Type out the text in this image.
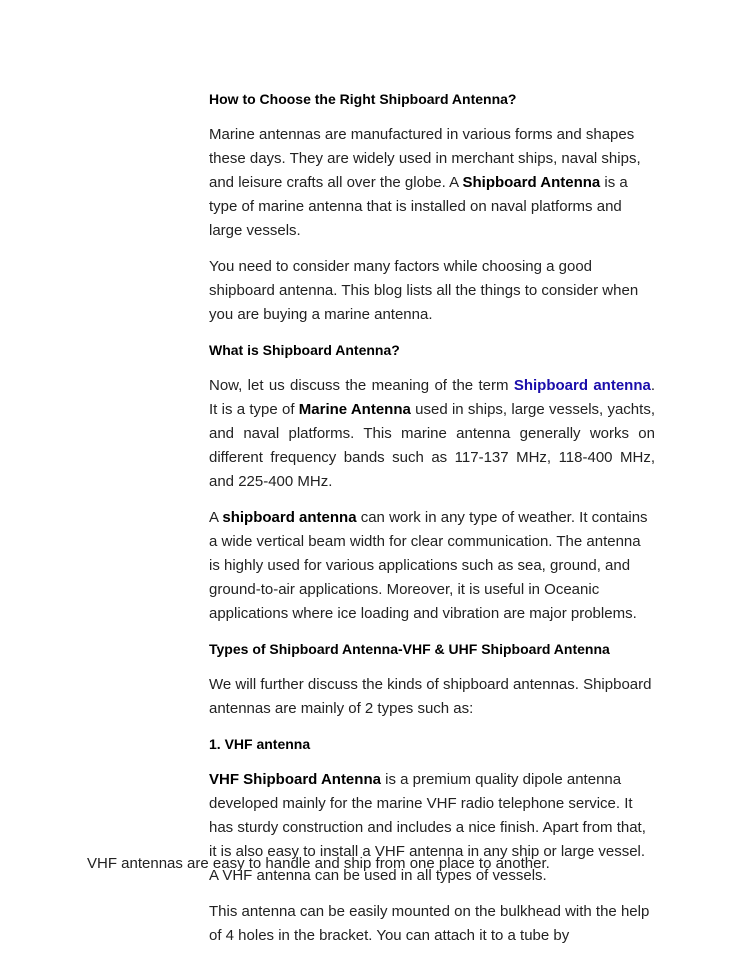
How to Choose the Right Shipboard Antenna?

Marine antennas are manufactured in various forms and shapes these days. They are widely used in merchant ships, naval ships, and leisure crafts all over the globe. A Shipboard Antenna is a type of marine antenna that is installed on naval platforms and large vessels.

You need to consider many factors while choosing a good shipboard antenna. This blog lists all the things to consider when you are buying a marine antenna.

What is Shipboard Antenna?

Now, let us discuss the meaning of the term Shipboard antenna. It is a type of Marine Antenna used in ships, large vessels, yachts, and naval platforms. This marine antenna generally works on different frequency bands such as 117-137 MHz, 118-400 MHz, and 225-400 MHz.

A shipboard antenna can work in any type of weather. It contains a wide vertical beam width for clear communication. The antenna is highly used for various applications such as sea, ground, and ground-to-air applications. Moreover, it is useful in Oceanic applications where ice loading and vibration are major problems.

Types of Shipboard Antenna-VHF & UHF Shipboard Antenna

We will further discuss the kinds of shipboard antennas. Shipboard antennas are mainly of 2 types such as:

1. VHF antenna

VHF Shipboard Antenna is a premium quality dipole antenna developed mainly for the marine VHF radio telephone service. It has sturdy construction and includes a nice finish. Apart from that, it is also easy to install a VHF antenna in any ship or large vessel. A VHF antenna can be used in all types of vessels.

This antenna can be easily mounted on the bulkhead with the help of 4 holes in the bracket. You can attach it to a tube by

VHF antennas are easy to handle and ship from one place to another.
